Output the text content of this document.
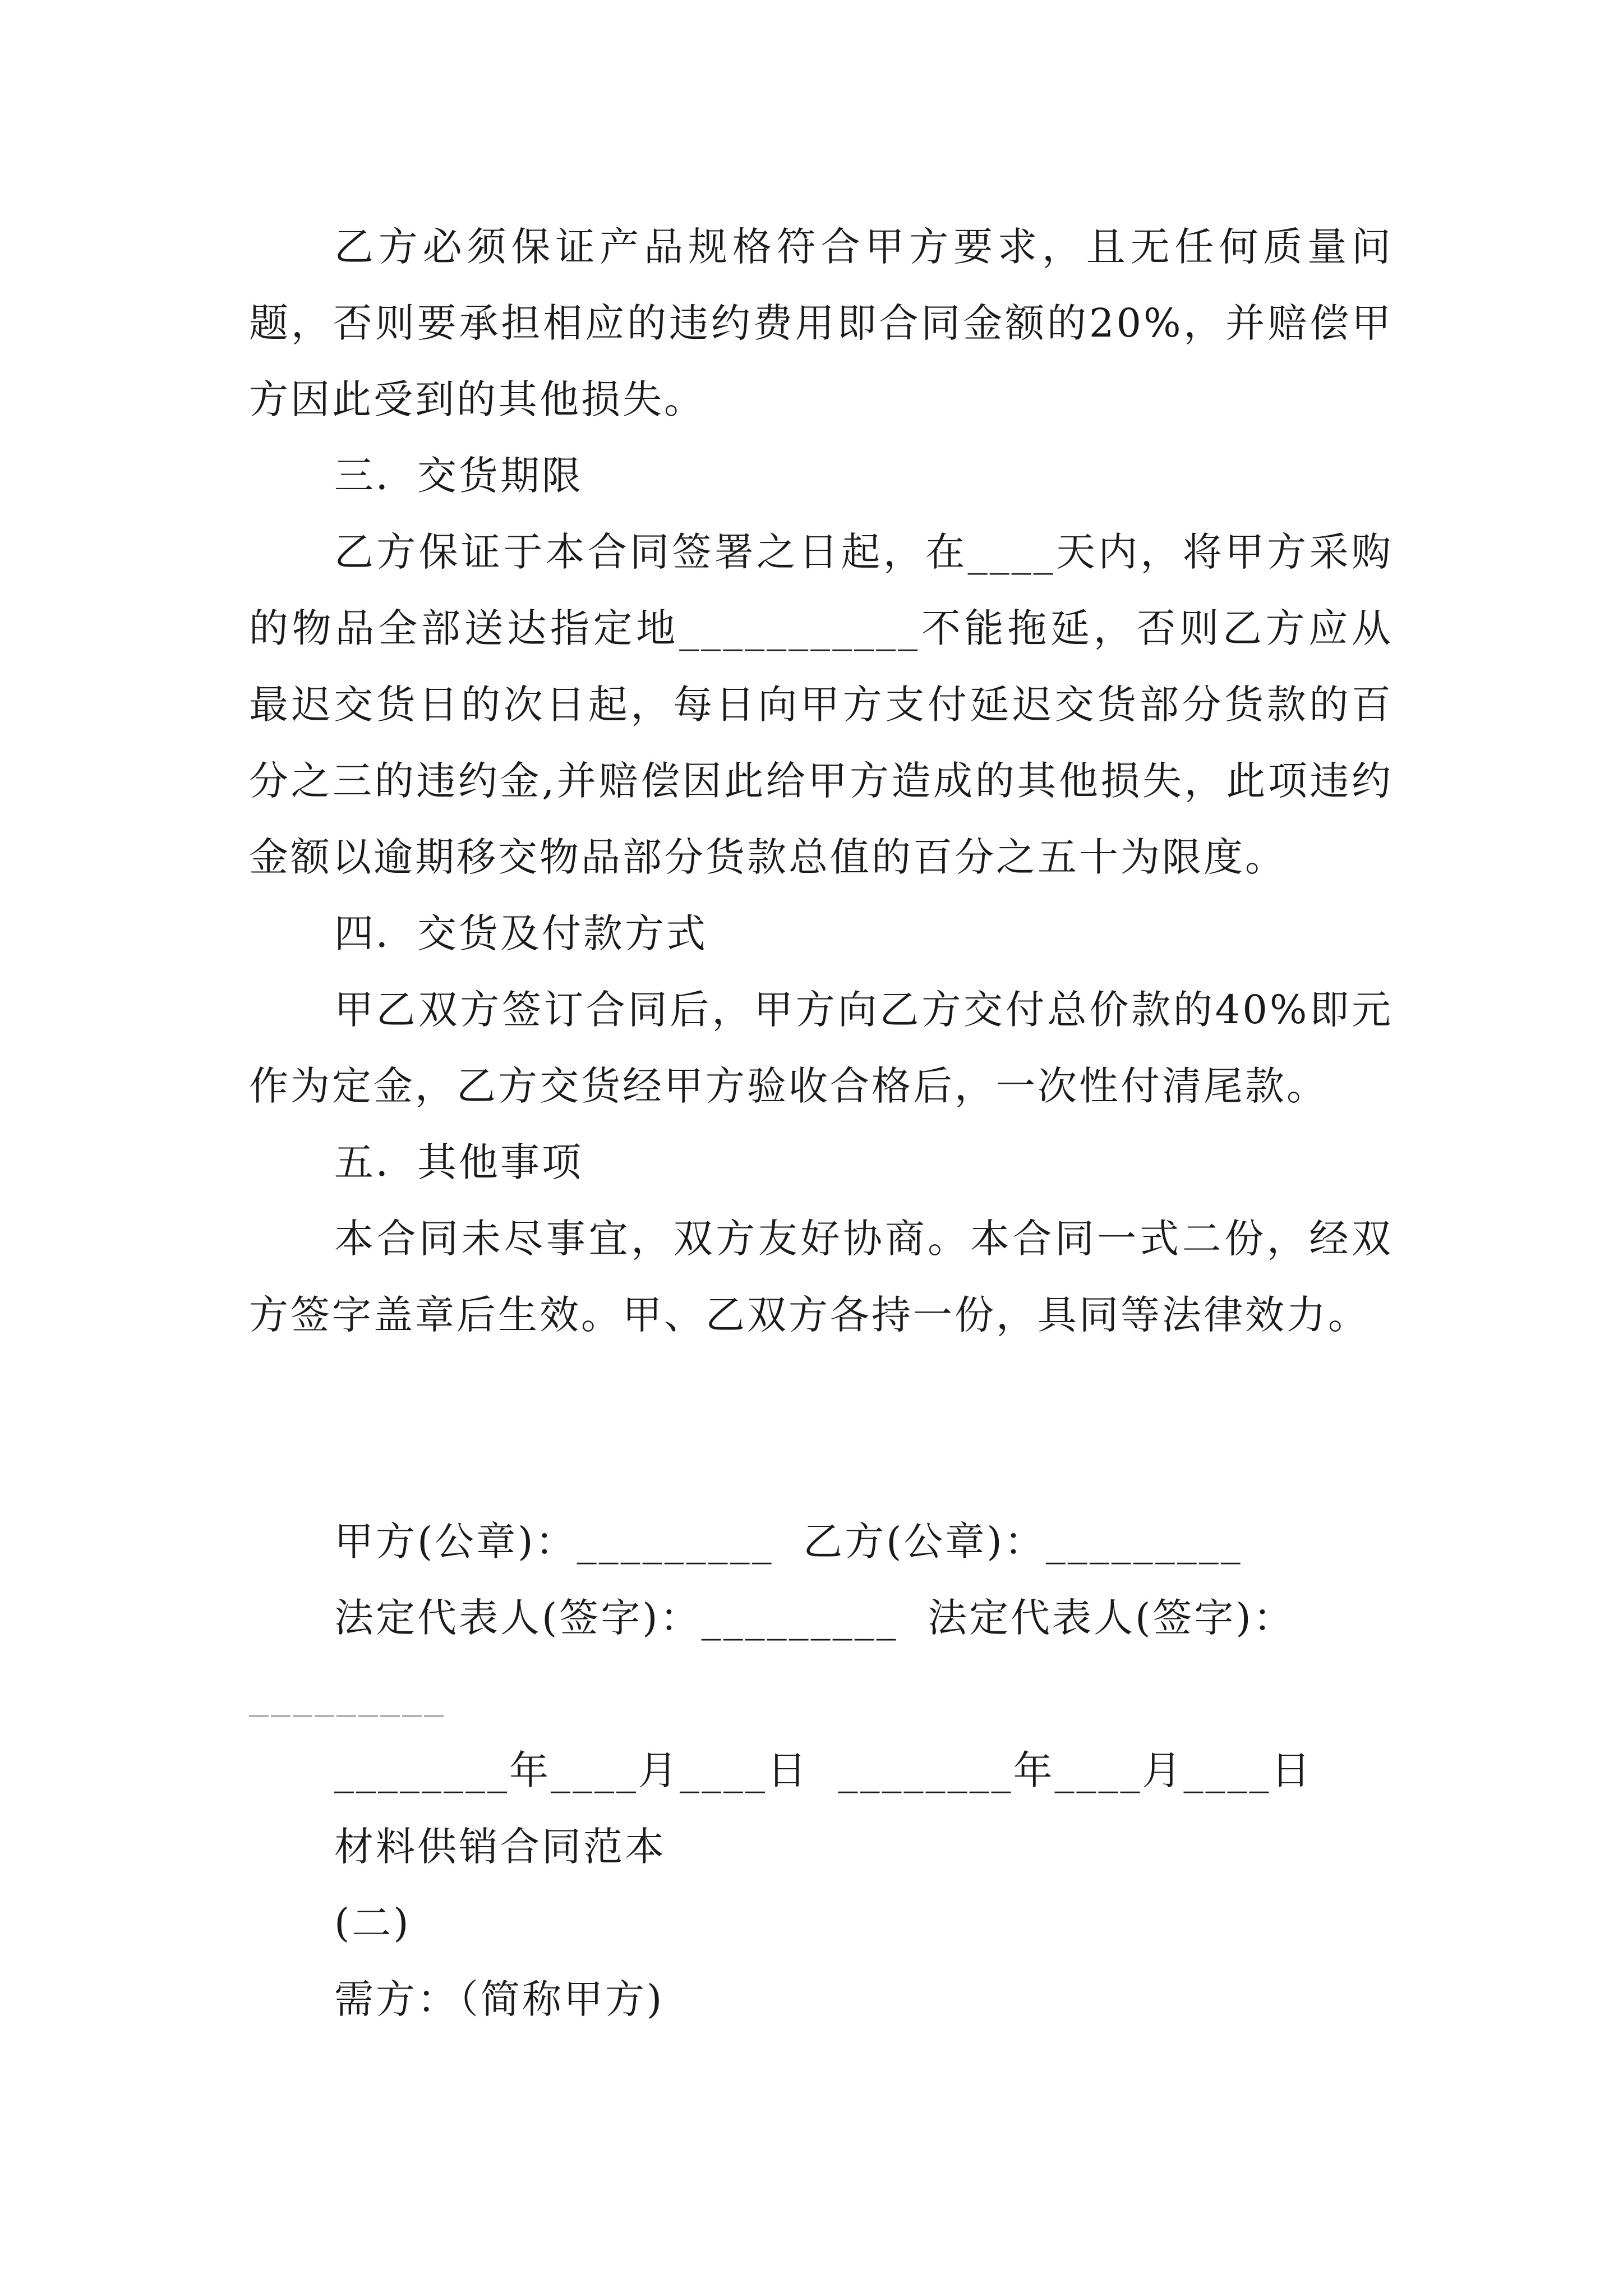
乙方必须保证产品规格符合甲方要求，且无任何质量问题，否则要承担相应的违约费用即合同金额的20%，并赔偿甲方因此受到的其他损失。

三．交货期限

乙方保证于本合同签署之日起，在____天内，将甲方采购的物品全部送达指定地___________不能拖延，否则乙方应从最迟交货日的次日起，每日向甲方支付延迟交货部分货款的百分之三的违约金,并赔偿因此给甲方造成的其他损失，此项违约金额以逾期移交物品部分货款总值的百分之五十为限度。

四．交货及付款方式

甲乙双方签订合同后，甲方向乙方交付总价款的40%即元作为定金，乙方交货经甲方验收合格后，一次性付清尾款。

五．其他事项

本合同未尽事宜，双方友好协商。本合同一式二份，经双方签字盖章后生效。甲、乙双方各持一份，具同等法律效力。

甲方(公章)：_________  乙方(公章)：_________
法定代表人(签字)：_________  法定代表人(签字)：
_________
________年____月____日  ________年____月____日
材料供销合同范本
(二)
需方：（简称甲方)
